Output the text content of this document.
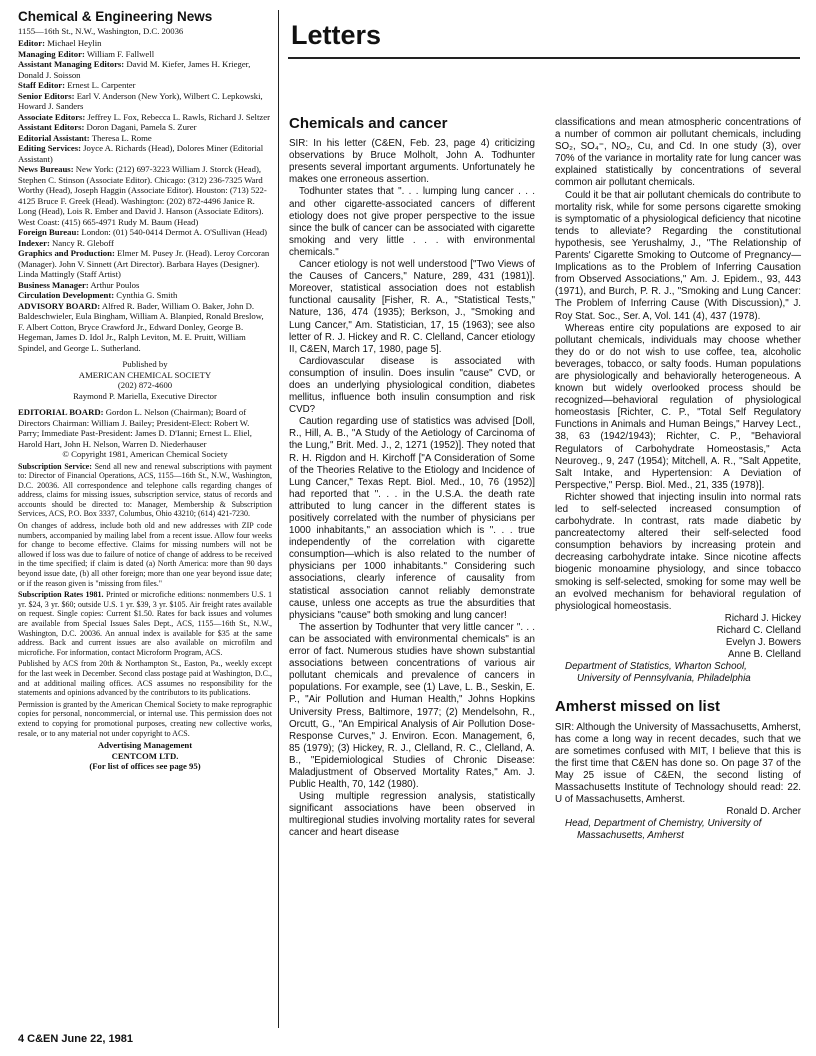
Chemical & Engineering News
1155—16th St., N.W., Washington, D.C. 20036

Editor: Michael Heylin

Managing Editor: William F. Fallwell

Assistant Managing Editors: David M. Kiefer, James H. Krieger, Donald J. Soisson

Staff Editor: Ernest L. Carpenter

Senior Editors: Earl V. Anderson (New York), Wilbert C. Lepkowski, Howard J. Sanders

Associate Editors: Jeffrey L. Fox, Rebecca L. Rawls, Richard J. Seltzer

Assistant Editors: Doron Dagani, Pamela S. Zurer

Editorial Assistant: Theresa L. Rome

Editing Services: Joyce A. Richards (Head), Dolores Miner (Editorial Assistant)

News Bureaus: New York: (212) 697-3223 William J. Storck (Head), Stephen C. Stinson (Associate Editor). Chicago: (312) 236-7325 Ward Worthy (Head), Joseph Haggin (Associate Editor). Houston: (713) 522-4125 Bruce F. Greek (Head). Washington: (202) 872-4496 Janice R. Long (Head), Lois R. Ember and David J. Hanson (Associate Editors). West Coast: (415) 665-4971 Rudy M. Baum (Head)

Foreign Bureau: London: (01) 540-0414 Dermot A. O'Sullivan (Head)

Indexer: Nancy R. Gleboff

Graphics and Production: Elmer M. Pusey Jr. (Head). Leroy Corcoran (Manager). John V. Sinnett (Art Director). Barbara Hayes (Designer). Linda Mattingly (Staff Artist)

Business Manager: Arthur Poulos

Circulation Development: Cynthia G. Smith

ADVISORY BOARD: Alfred R. Bader, William O. Baker, John D. Baldeschwieler, Eula Bingham, William A. Blanpied, Ronald Breslow, F. Albert Cotton, Bryce Crawford Jr., Edward Donley, George B. Hegeman, James D. Idol Jr., Ralph Leviton, M. E. Pruitt, William Spindel, and George L. Sutherland.

Published by
AMERICAN CHEMICAL SOCIETY
(202) 872-4600
Raymond P. Mariella, Executive Director

EDITORIAL BOARD: Gordon L. Nelson (Chairman); Board of Directors Chairman: William J. Bailey; President-Elect: Robert W. Parry; Immediate Past-President: James D. D'Ianni; Ernest L. Eliel, Harold Hart, John H. Nelson, Warren D. Niederhauser

© Copyright 1981, American Chemical Society

Subscription Service: Send all new and renewal subscriptions with payment to: Director of Financial Operations, ACS, 1155—16th St., N.W., Washington, D.C. 20036. All correspondence and telephone calls regarding changes of address, claims for missing issues, subscription service, status of records and accounts should be directed to: Manager, Membership & Subscription Services, ACS, P.O. Box 3337, Columbus, Ohio 43210; (614) 421-7230.

On changes of address, include both old and new addresses with ZIP code numbers, accompanied by mailing label from a recent issue. Allow four weeks for change to become effective. Claims for missing numbers will not be allowed if loss was due to failure of notice of change of address to be received in the time specified; if claim is dated (a) North America: more than 90 days beyond issue date, (b) all other foreign; more than one year beyond issue date; or if the reason given is "missing from files."

Subscription Rates 1981. Printed or microfiche editions: nonmembers U.S. 1 yr. $24, 3 yr. $60; outside U.S. 1 yr. $39, 3 yr. $105. Air freight rates available on request. Single copies: Current $1.50. Rates for back issues and volumes are available from Special Issues Sales Dept., ACS, 1155—16th St., N.W., Washington, D.C. 20036. An annual index is available for $35 at the same address. Back and current issues are also available on microfilm and microfiche. For information, contact Microform Program, ACS.

Published by ACS from 20th & Northampton St., Easton, Pa., weekly except for the last week in December. Second class postage paid at Washington, D.C., and at additional mailing offices. ACS assumes no responsibility for the statements and opinions advanced by the contributors to its publications.

Permission is granted by the American Chemical Society to make reprographic copies for personal, noncommercial, or internal use. This permission does not extend to copying for promotional purposes, creating new collective works, resale, or to any material not under copyright to ACS.

Advertising Management
CENTCOM LTD.
(For list of offices see page 95)
4 C&EN June 22, 1981
Letters
Chemicals and cancer

SIR: In his letter (C&EN, Feb. 23, page 4) criticizing observations by Bruce Molholt, John A. Todhunter presents several important arguments. Unfortunately he makes one erroneous assertion.

Todhunter states that ". . . lumping lung cancer . . . and other cigarette-associated cancers of different etiology does not give proper perspective to the issue since the bulk of cancer can be associated with cigarette smoking and very little . . . with environmental chemicals."

Cancer etiology is not well understood ["Two Views of the Causes of Cancers," Nature, 289, 431 (1981)]. Moreover, statistical association does not establish functional causality [Fisher, R. A., "Statistical Tests," Nature, 136, 474 (1935); Berkson, J., "Smoking and Lung Cancer," Am. Statistician, 17, 15 (1963); see also letter of R. J. Hickey and R. C. Clelland, Cancer etiology II, C&EN, March 17, 1980, page 5].

Cardiovascular disease is associated with consumption of insulin. Does insulin "cause" CVD, or does an underlying physiological condition, diabetes mellitus, influence both insulin consumption and risk CVD?

Caution regarding use of statistics was advised [Doll, R., Hill, A. B., "A Study of the Aetiology of Carcinoma of the Lung," Brit. Med. J., 2, 1271 (1952)]. They noted that R. H. Rigdon and H. Kirchoff ["A Consideration of Some of the Theories Relative to the Etiology and Incidence of Lung Cancer," Texas Rept. Biol. Med., 10, 76 (1952)] had reported that ". . . in the U.S.A. the death rate attributed to lung cancer in the different states is positively correlated with the number of physicians per 1000 inhabitants," an association which is ". . . true independently of the correlation with cigarette consumption—which is also related to the number of physicians per 1000 inhabitants." Considering such associations, clearly inference of causality from statistical association cannot reliably demonstrate cause, unless one accepts as true the absurdities that physicians "cause" both smoking and lung cancer!

The assertion by Todhunter that very little cancer ". . . can be associated with environmental chemicals" is an error of fact. Numerous studies have shown substantial associations between concentrations of various air pollutant chemicals and prevalence of cancers in populations. For example, see (1) Lave, L. B., Seskin, E. P., "Air Pollution and Human Health," Johns Hopkins University Press, Baltimore, 1977; (2) Mendelsohn, R., Orcutt, G., "An Empirical Analysis of Air Pollution Dose-Response Curves," J. Environ. Econ. Management, 6, 85 (1979); (3) Hickey, R. J., Clelland, R. C., Clelland, A. B., "Epidemiological Studies of Chronic Disease: Maladjustment of Observed Mortality Rates," Am. J. Public Health, 70, 142 (1980).

Using multiple regression analysis, statistically significant associations have been observed in multiregional studies involving mortality rates for several cancer and heart disease

classifications and mean atmospheric concentrations of a number of common air pollutant chemicals, including SO₂, SO₄⁼, NO₂, Cu, and Cd. In one study (3), over 70% of the variance in mortality rate for lung cancer was explained statistically by concentrations of several common air pollutant chemicals.

Could it be that air pollutant chemicals do contribute to mortality risk, while for some persons cigarette smoking is symptomatic of a physiological deficiency that nicotine tends to alleviate? Regarding the constitutional hypothesis, see Yerushalmy, J., "The Relationship of Parents' Cigarette Smoking to Outcome of Pregnancy—Implications as to the Problem of Inferring Causation from Observed Associations," Am. J. Epidem., 93, 443 (1971), and Burch, P. R. J., "Smoking and Lung Cancer: The Problem of Inferring Cause (With Discussion)," J. Roy Stat. Soc., Ser. A, Vol. 141 (4), 437 (1978).

Whereas entire city populations are exposed to air pollutant chemicals, individuals may choose whether they do or do not wish to use coffee, tea, alcoholic beverages, tobacco, or salty foods. Human populations are physiologically and behaviorally heterogeneous. A known but widely overlooked process should be recognized—behavioral regulation of physiological homeostasis [Richter, C. P., "Total Self Regulatory Functions in Animals and Human Beings," Harvey Lect., 38, 63 (1942/1943); Richter, C. P., "Behavioral Regulators of Carbohydrate Homeostasis," Acta Neuroveg., 9, 247 (1954); Mitchell, A. R., "Salt Appetite, Salt Intake, and Hypertension: A Deviation of Perspective," Persp. Biol. Med., 21, 335 (1978)].

Richter showed that injecting insulin into normal rats led to self-selected increased consumption of carbohydrate. In contrast, rats made diabetic by pancreatectomy altered their self-selected food consumption behaviors by increasing protein and decreasing carbohydrate intake. Since nicotine affects biogenic monoamine physiology, and since tobacco smoking is self-selected, smoking for some may well be an evolved mechanism for behavioral regulation of physiological homeostasis.

Richard J. Hickey

Richard C. Clelland

Evelyn J. Bowers

Anne B. Clelland

Department of Statistics, Wharton School,

University of Pennsylvania, Philadelphia

Amherst missed on list

SIR: Although the University of Massachusetts, Amherst, has come a long way in recent decades, such that we are sometimes confused with MIT, I believe that this is the first time that C&EN has done so. On page 37 of the May 25 issue of C&EN, the second listing of Massachusetts Institute of Technology should read: 22. U of Massachusetts, Amherst.

Ronald D. Archer

Head, Department of Chemistry, University of

Massachusetts, Amherst
